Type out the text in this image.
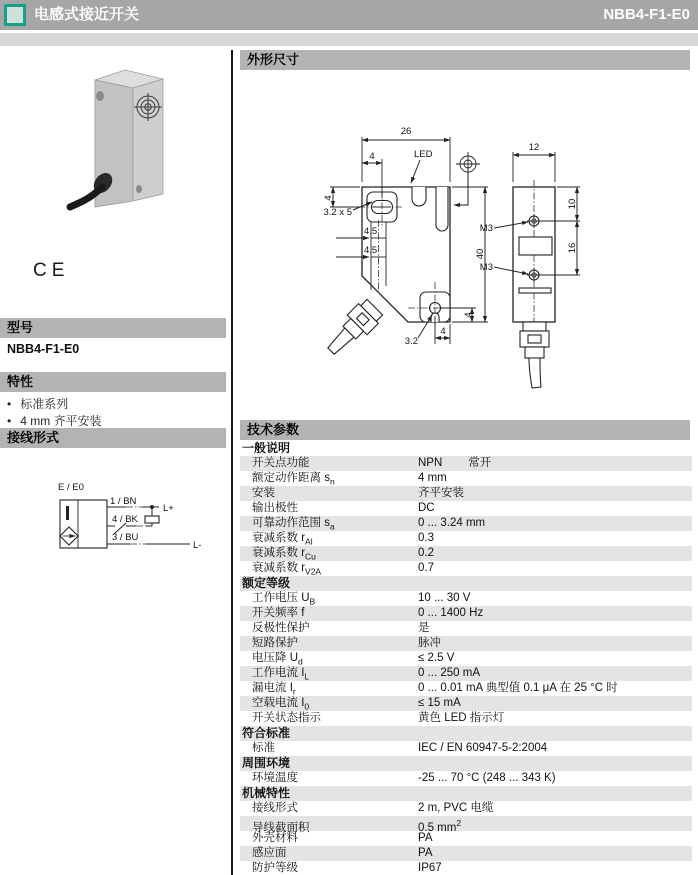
电感式接近开关	NBB4-F1-E0
CE
型号
NBB4-F1-E0
特性
• 标准系列
• 4 mm 齐平安装
接线形式
E / E0
1 / BN
L+
4 / BK
3 / BU
L-
外形尺寸
26
4	LED
4
3.2 x 5
4.5
4.5	40
4
3.2
4
12
M3
M3
10
16
技术参数
一般说明
开关点功能	NPN 常开
额定动作距离 $s_n$	4 mm
安装	齐平安装
输出极性	DC
可靠动作范围 $s_a$	0 ... 3.24 mm
衰减系数 $r_{Al}$	0.3
衰减系数 $r_{Cu}$	0.2
衰减系数 $r_{V2A}$	0.7
额定等级
工作电压 $U_B$	10 ... 30 V
开关频率 f	0 ... 1400 Hz
反极性保护	是
短路保护	脉冲
电压降 $U_d$	≤ 2.5 V
工作电流 $I_L$	0 ... 250 mA
漏电流 $I_r$	0 ... 0.01 mA 典型值 0.1 μA 在 25 °C 时
空载电流 $I_0$	≤ 15 mA
开关状态指示	黄色 LED 指示灯
符合标准
标准	IEC / EN 60947-5-2:2004
周围环境
环境温度	-25 ... 70 °C (248 ... 343 K)
机械特性
接线形式	2 m, PVC 电缆
导线截面积	0.5 $mm^2$
外壳材料	PA
感应面	PA
防护等级	IP67
